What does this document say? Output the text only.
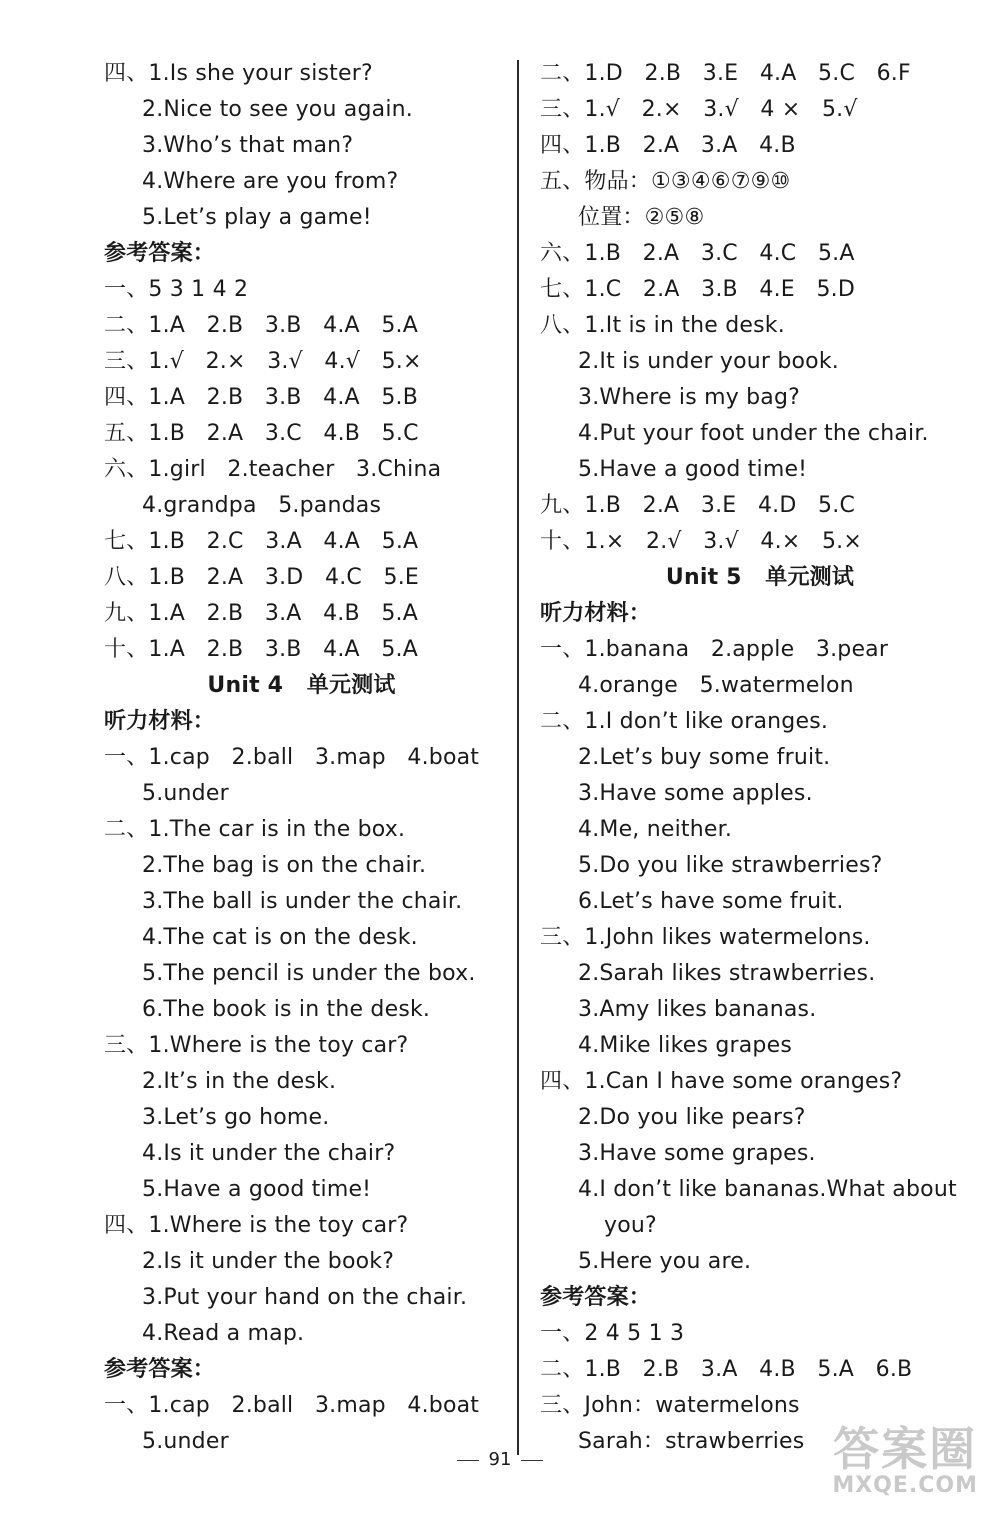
四、1.Is she your sister?
2.Nice to see you again.
3.Who’s that man?
4.Where are you from?
5.Let’s play a game!
参考答案：
一、5 3 1 4 2
二、1.A   2.B   3.B   4.A   5.A
三、1.√   2.×   3.√   4.√   5.×
四、1.A   2.B   3.B   4.A   5.B
五、1.B   2.A   3.C   4.B   5.C
六、1.girl   2.teacher   3.China
4.grandpa   5.pandas
七、1.B   2.C   3.A   4.A   5.A
八、1.B   2.A   3.D   4.C   5.E
九、1.A   2.B   3.A   4.B   5.A
十、1.A   2.B   3.B   4.A   5.A
Unit 4   单元测试
听力材料：
一、1.cap   2.ball   3.map   4.boat
5.under
二、1.The car is in the box.
2.The bag is on the chair.
3.The ball is under the chair.
4.The cat is on the desk.
5.The pencil is under the box.
6.The book is in the desk.
三、1.Where is the toy car?
2.It’s in the desk.
3.Let’s go home.
4.Is it under the chair?
5.Have a good time!
四、1.Where is the toy car?
2.Is it under the book?
3.Put your hand on the chair.
4.Read a map.
参考答案：
一、1.cap   2.ball   3.map   4.boat
5.under
二、1.D   2.B   3.E   4.A   5.C   6.F
三、1.√   2.×   3.√   4 ×   5.√
四、1.B   2.A   3.A   4.B
五、物品：①③④⑥⑦⑨⑩
位置：②⑤⑧
六、1.B   2.A   3.C   4.C   5.A
七、1.C   2.A   3.B   4.E   5.D
八、1.It is in the desk.
2.It is under your book.
3.Where is my bag?
4.Put your foot under the chair.
5.Have a good time!
九、1.B   2.A   3.E   4.D   5.C
十、1.×   2.√   3.√   4.×   5.×
Unit 5   单元测试
听力材料：
一、1.banana   2.apple   3.pear
4.orange   5.watermelon
二、1.I don’t like oranges.
2.Let’s buy some fruit.
3.Have some apples.
4.Me, neither.
5.Do you like strawberries?
6.Let’s have some fruit.
三、1.John likes watermelons.
2.Sarah likes strawberries.
3.Amy likes bananas.
4.Mike likes grapes
四、1.Can I have some oranges?
2.Do you like pears?
3.Have some grapes.
4.I don’t like bananas.What about
you?
5.Here you are.
参考答案：
一、2 4 5 1 3
二、1.B   2.B   3.A   4.B   5.A   6.B
三、John：watermelons
Sarah：strawberries
91	答案圈
MXQE.COM
